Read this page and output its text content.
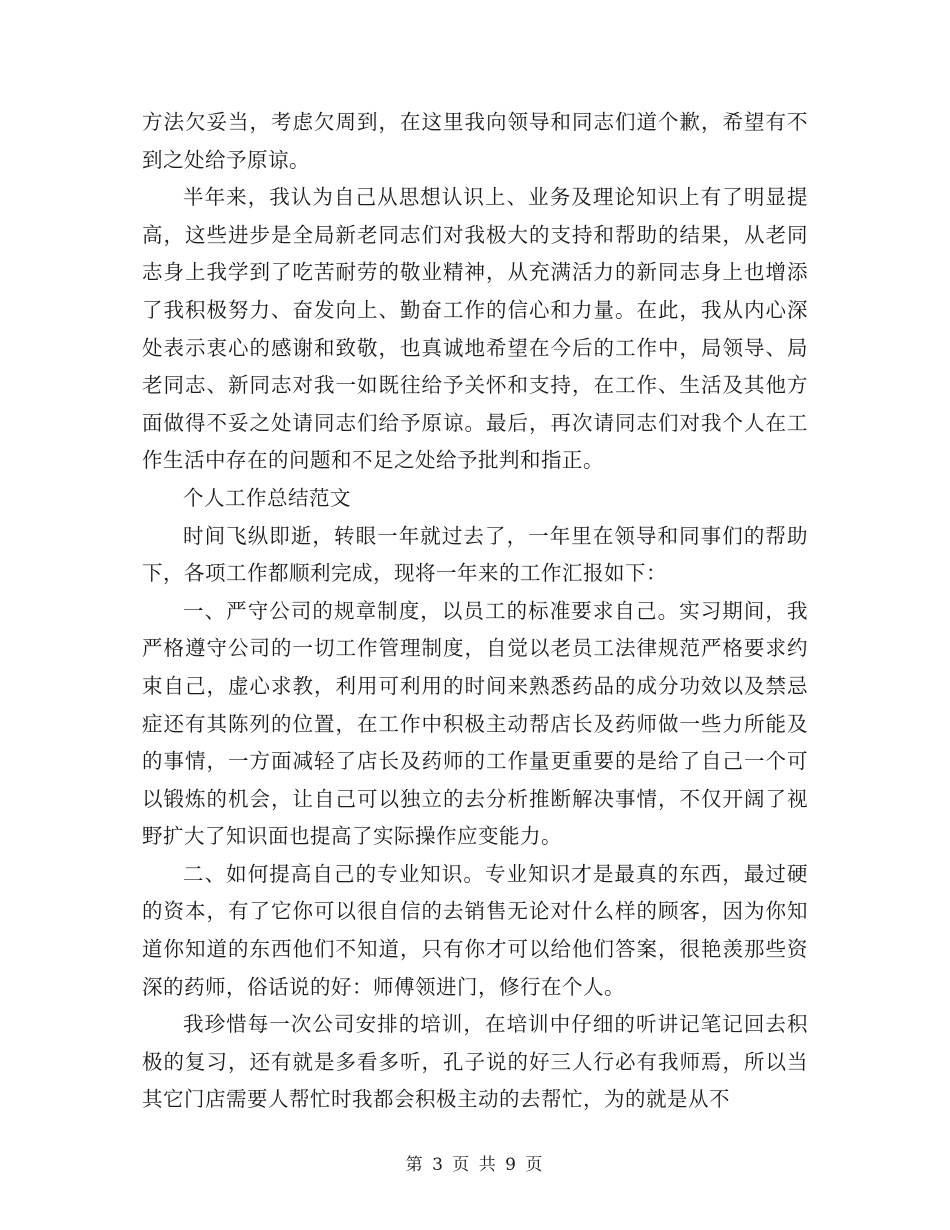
方法欠妥当，考虑欠周到，在这里我向领导和同志们道个歉，希望有不到之处给予原谅。

半年来，我认为自己从思想认识上、业务及理论知识上有了明显提高，这些进步是全局新老同志们对我极大的支持和帮助的结果，从老同志身上我学到了吃苦耐劳的敬业精神，从充满活力的新同志身上也增添了我积极努力、奋发向上、勤奋工作的信心和力量。在此，我从内心深处表示衷心的感谢和致敬，也真诚地希望在今后的工作中，局领导、局老同志、新同志对我一如既往给予关怀和支持，在工作、生活及其他方面做得不妥之处请同志们给予原谅。最后，再次请同志们对我个人在工作生活中存在的问题和不足之处给予批判和指正。

个人工作总结范文

时间飞纵即逝，转眼一年就过去了，一年里在领导和同事们的帮助下，各项工作都顺利完成，现将一年来的工作汇报如下：

一、严守公司的规章制度，以员工的标准要求自己。实习期间，我严格遵守公司的一切工作管理制度，自觉以老员工法律规范严格要求约束自己，虚心求教，利用可利用的时间来熟悉药品的成分功效以及禁忌症还有其陈列的位置，在工作中积极主动帮店长及药师做一些力所能及的事情，一方面减轻了店长及药师的工作量更重要的是给了自己一个可以锻炼的机会，让自己可以独立的去分析推断解决事情，不仅开阔了视野扩大了知识面也提高了实际操作应变能力。

二、如何提高自己的专业知识。专业知识才是最真的东西，最过硬的资本，有了它你可以很自信的去销售无论对什么样的顾客，因为你知道你知道的东西他们不知道，只有你才可以给他们答案，很艳羡那些资深的药师，俗话说的好：师傅领进门，修行在个人。

我珍惜每一次公司安排的培训，在培训中仔细的听讲记笔记回去积极的复习，还有就是多看多听，孔子说的好三人行必有我师焉，所以当其它门店需要人帮忙时我都会积极主动的去帮忙，为的就是从不

第 3 页 共 9 页
